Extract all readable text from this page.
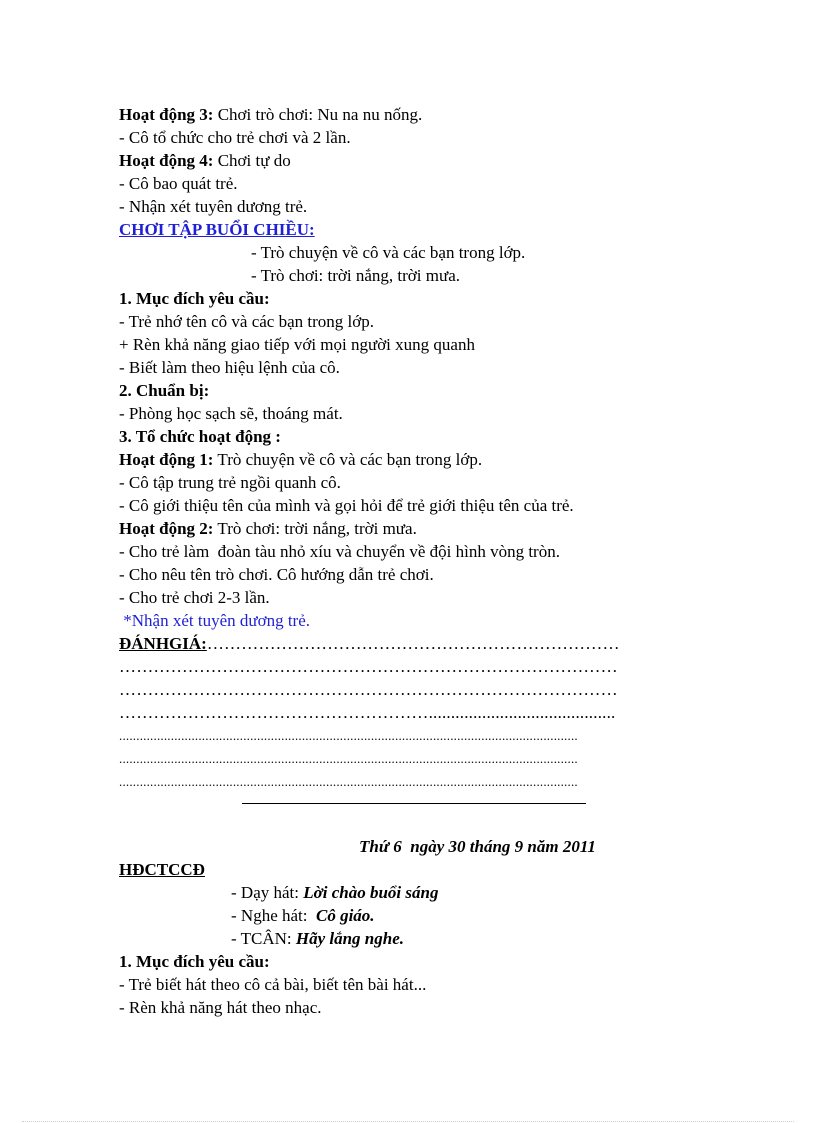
Hoạt động 3: Chơi trò chơi: Nu na nu nống.
- Cô tổ chức cho trẻ chơi và 2 lần.
Hoạt động 4: Chơi tự do
- Cô bao quát trẻ.
- Nhận xét tuyên dương trẻ.
CHƠI TẬP BUỔI CHIỀU:
- Trò chuyện về cô và các bạn trong lớp.
- Trò chơi: trời nắng, trời mưa.
1. Mục đích yêu cầu:
- Trẻ nhớ tên cô và các bạn trong lớp.
+ Rèn khả năng giao tiếp với mọi người xung quanh
- Biết làm theo hiệu lệnh của cô.
2. Chuẩn bị:
- Phòng học sạch sẽ, thoáng mát.
3. Tổ chức hoạt động :
Hoạt động 1: Trò chuyện về cô và các bạn trong lớp.
- Cô tập trung trẻ ngồi quanh cô.
- Cô giới thiệu tên của mình và gọi hỏi để trẻ giới thiệu tên của trẻ.
Hoạt động 2: Trò chơi: trời nắng, trời mưa.
- Cho trẻ làm  đoàn tàu nhỏ xíu và chuyển về đội hình vòng tròn.
- Cho nêu tên trò chơi. Cô hướng dẫn trẻ chơi.
- Cho trẻ chơi 2-3 lần.
*Nhận xét tuyên dương trẻ.
ĐÁNHGIÁ:………………………………………………………………
……………………………………………………………………………
……………………………………………………………………………
………………………………………………..........................................
.....................................................................................................................................
.....................................................................................................................................
.....................................................................................................................................
Thứ 6  ngày 30 tháng 9 năm 2011
HĐCTCCĐ
- Dạy hát: Lời chào buổi sáng
- Nghe hát:  Cô giáo.
- TCÂN: Hãy lắng nghe.
1. Mục đích yêu cầu:
- Trẻ biết hát theo cô cả bài, biết tên bài hát...
- Rèn khả năng hát theo nhạc.
